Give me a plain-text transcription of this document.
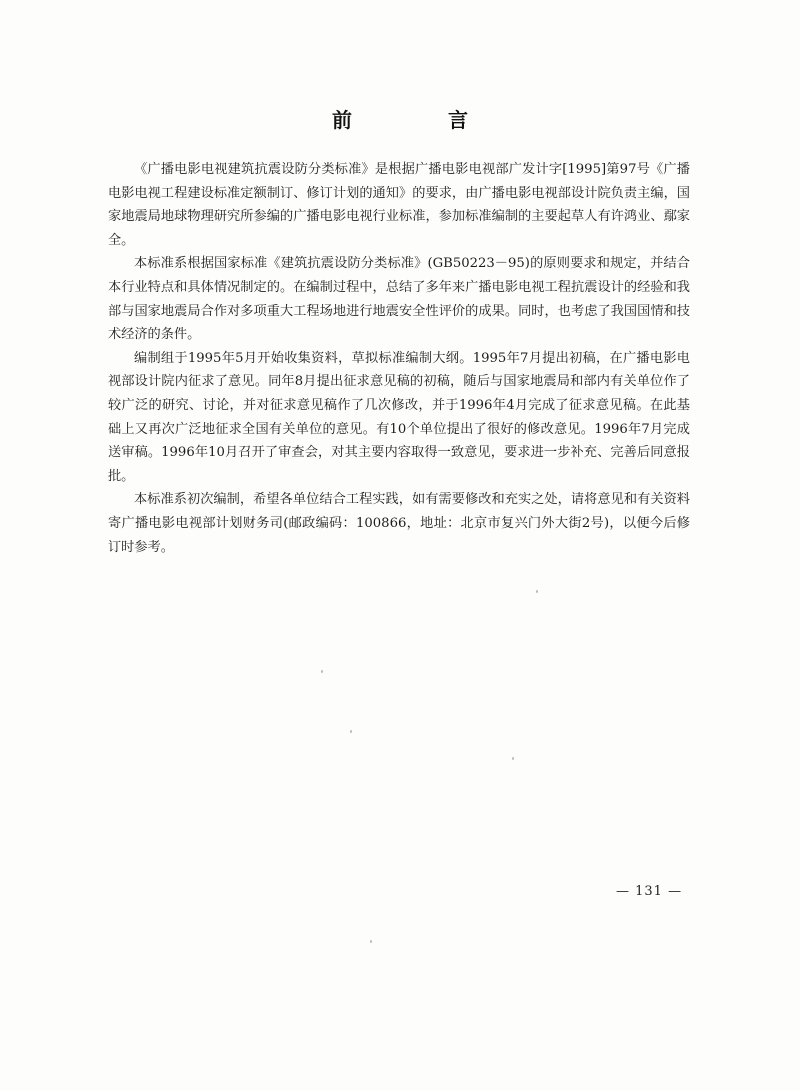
前　言

《广播电影电视建筑抗震设防分类标准》是根据广播电影电视部广发计字[1995]第97号《广播电影电视工程建设标准定额制订、修订计划的通知》的要求，由广播电影电视部设计院负责主编，国家地震局地球物理研究所参编的广播电影电视行业标准，参加标准编制的主要起草人有许鸿业、鄢家全。

本标准系根据国家标准《建筑抗震设防分类标准》(GB50223－95)的原则要求和规定，并结合本行业特点和具体情况制定的。在编制过程中，总结了多年来广播电影电视工程抗震设计的经验和我部与国家地震局合作对多项重大工程场地进行地震安全性评价的成果。同时，也考虑了我国国情和技术经济的条件。

编制组于1995年5月开始收集资料，草拟标准编制大纲。1995年7月提出初稿，在广播电影电视部设计院内征求了意见。同年8月提出征求意见稿的初稿，随后与国家地震局和部内有关单位作了较广泛的研究、讨论，并对征求意见稿作了几次修改，并于1996年4月完成了征求意见稿。在此基础上又再次广泛地征求全国有关单位的意见。有10个单位提出了很好的修改意见。1996年7月完成送审稿。1996年10月召开了审查会，对其主要内容取得一致意见，要求进一步补充、完善后同意报批。

本标准系初次编制，希望各单位结合工程实践，如有需要修改和充实之处，请将意见和有关资料寄广播电影电视部计划财务司(邮政编码：100866，地址：北京市复兴门外大街2号)，以便今后修订时参考。

— 131 —
